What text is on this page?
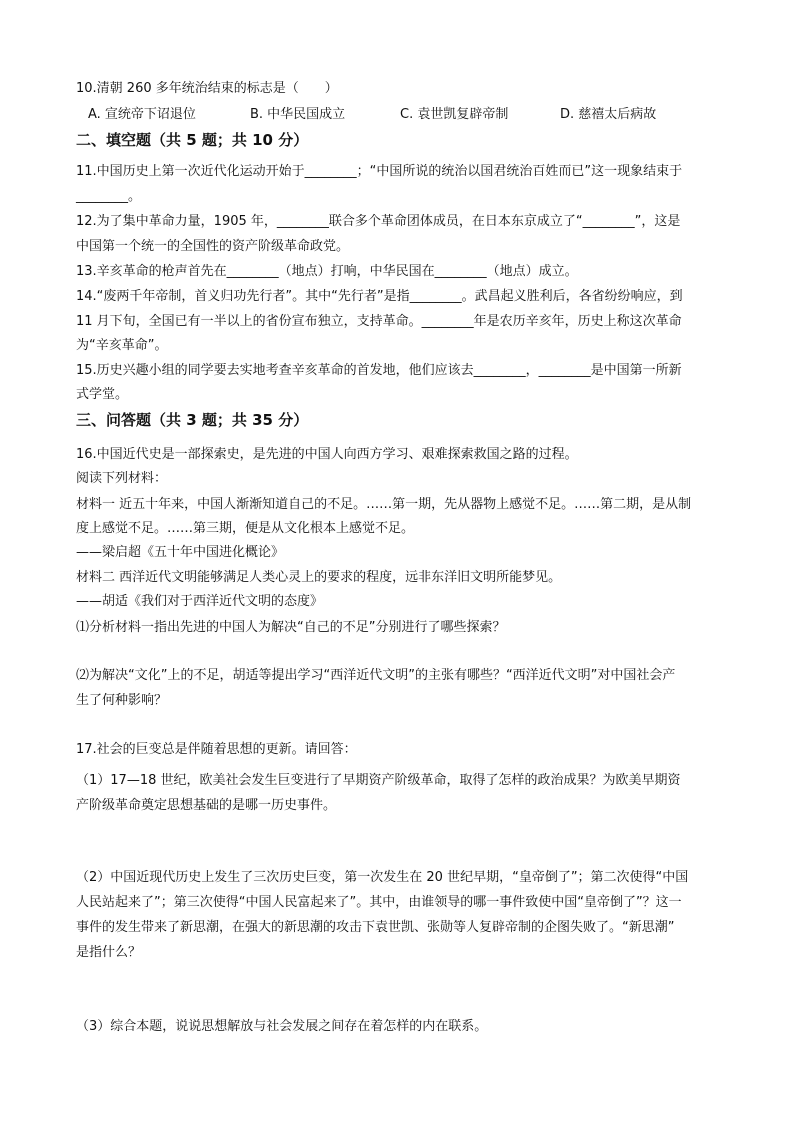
10.清朝 260 多年统治结束的标志是（　　）
A. 宣统帝下诏退位	B. 中华民国成立	C. 袁世凯复辟帝制	D. 慈禧太后病故
二、填空题（共 5 题；共 10 分）
11.中国历史上第一次近代化运动开始于________；“中国所说的统治以国君统治百姓而已”这一现象结束于
________。
12.为了集中革命力量，1905 年，________联合多个革命团体成员，在日本东京成立了“________”，这是
中国第一个统一的全国性的资产阶级革命政党。
13.辛亥革命的枪声首先在________（地点）打响，中华民国在________（地点）成立。
14.“废两千年帝制，首义归功先行者”。其中“先行者”是指________。武昌起义胜利后，各省纷纷响应，到
11 月下旬，全国已有一半以上的省份宣布独立，支持革命。________年是农历辛亥年，历史上称这次革命
为“辛亥革命”。
15.历史兴趣小组的同学要去实地考查辛亥革命的首发地，他们应该去________，________是中国第一所新
式学堂。
三、问答题（共 3 题；共 35 分）
16.中国近代史是一部探索史，是先进的中国人向西方学习、艰难探索救国之路的过程。
阅读下列材料：
材料一 近五十年来，中国人渐渐知道自己的不足。……第一期，先从器物上感觉不足。……第二期，是从制
度上感觉不足。……第三期，便是从文化根本上感觉不足。
——梁启超《五十年中国进化概论》
材料二 西洋近代文明能够满足人类心灵上的要求的程度，远非东洋旧文明所能梦见。
——胡适《我们对于西洋近代文明的态度》
⑴分析材料一指出先进的中国人为解决“自己的不足”分别进行了哪些探索？
⑵为解决“文化”上的不足，胡适等提出学习“西洋近代文明”的主张有哪些？“西洋近代文明”对中国社会产
生了何种影响？
17.社会的巨变总是伴随着思想的更新。请回答：
（1）17—18 世纪，欧美社会发生巨变进行了早期资产阶级革命，取得了怎样的政治成果？为欧美早期资
产阶级革命奠定思想基础的是哪一历史事件。
（2）中国近现代历史上发生了三次历史巨变，第一次发生在 20 世纪早期，“皇帝倒了”；第二次使得“中国
人民站起来了”；第三次使得“中国人民富起来了”。其中，由谁领导的哪一事件致使中国“皇帝倒了”？这一
事件的发生带来了新思潮，在强大的新思潮的攻击下袁世凯、张勋等人复辟帝制的企图失败了。“新思潮”
是指什么？
（3）综合本题，说说思想解放与社会发展之间存在着怎样的内在联系。
